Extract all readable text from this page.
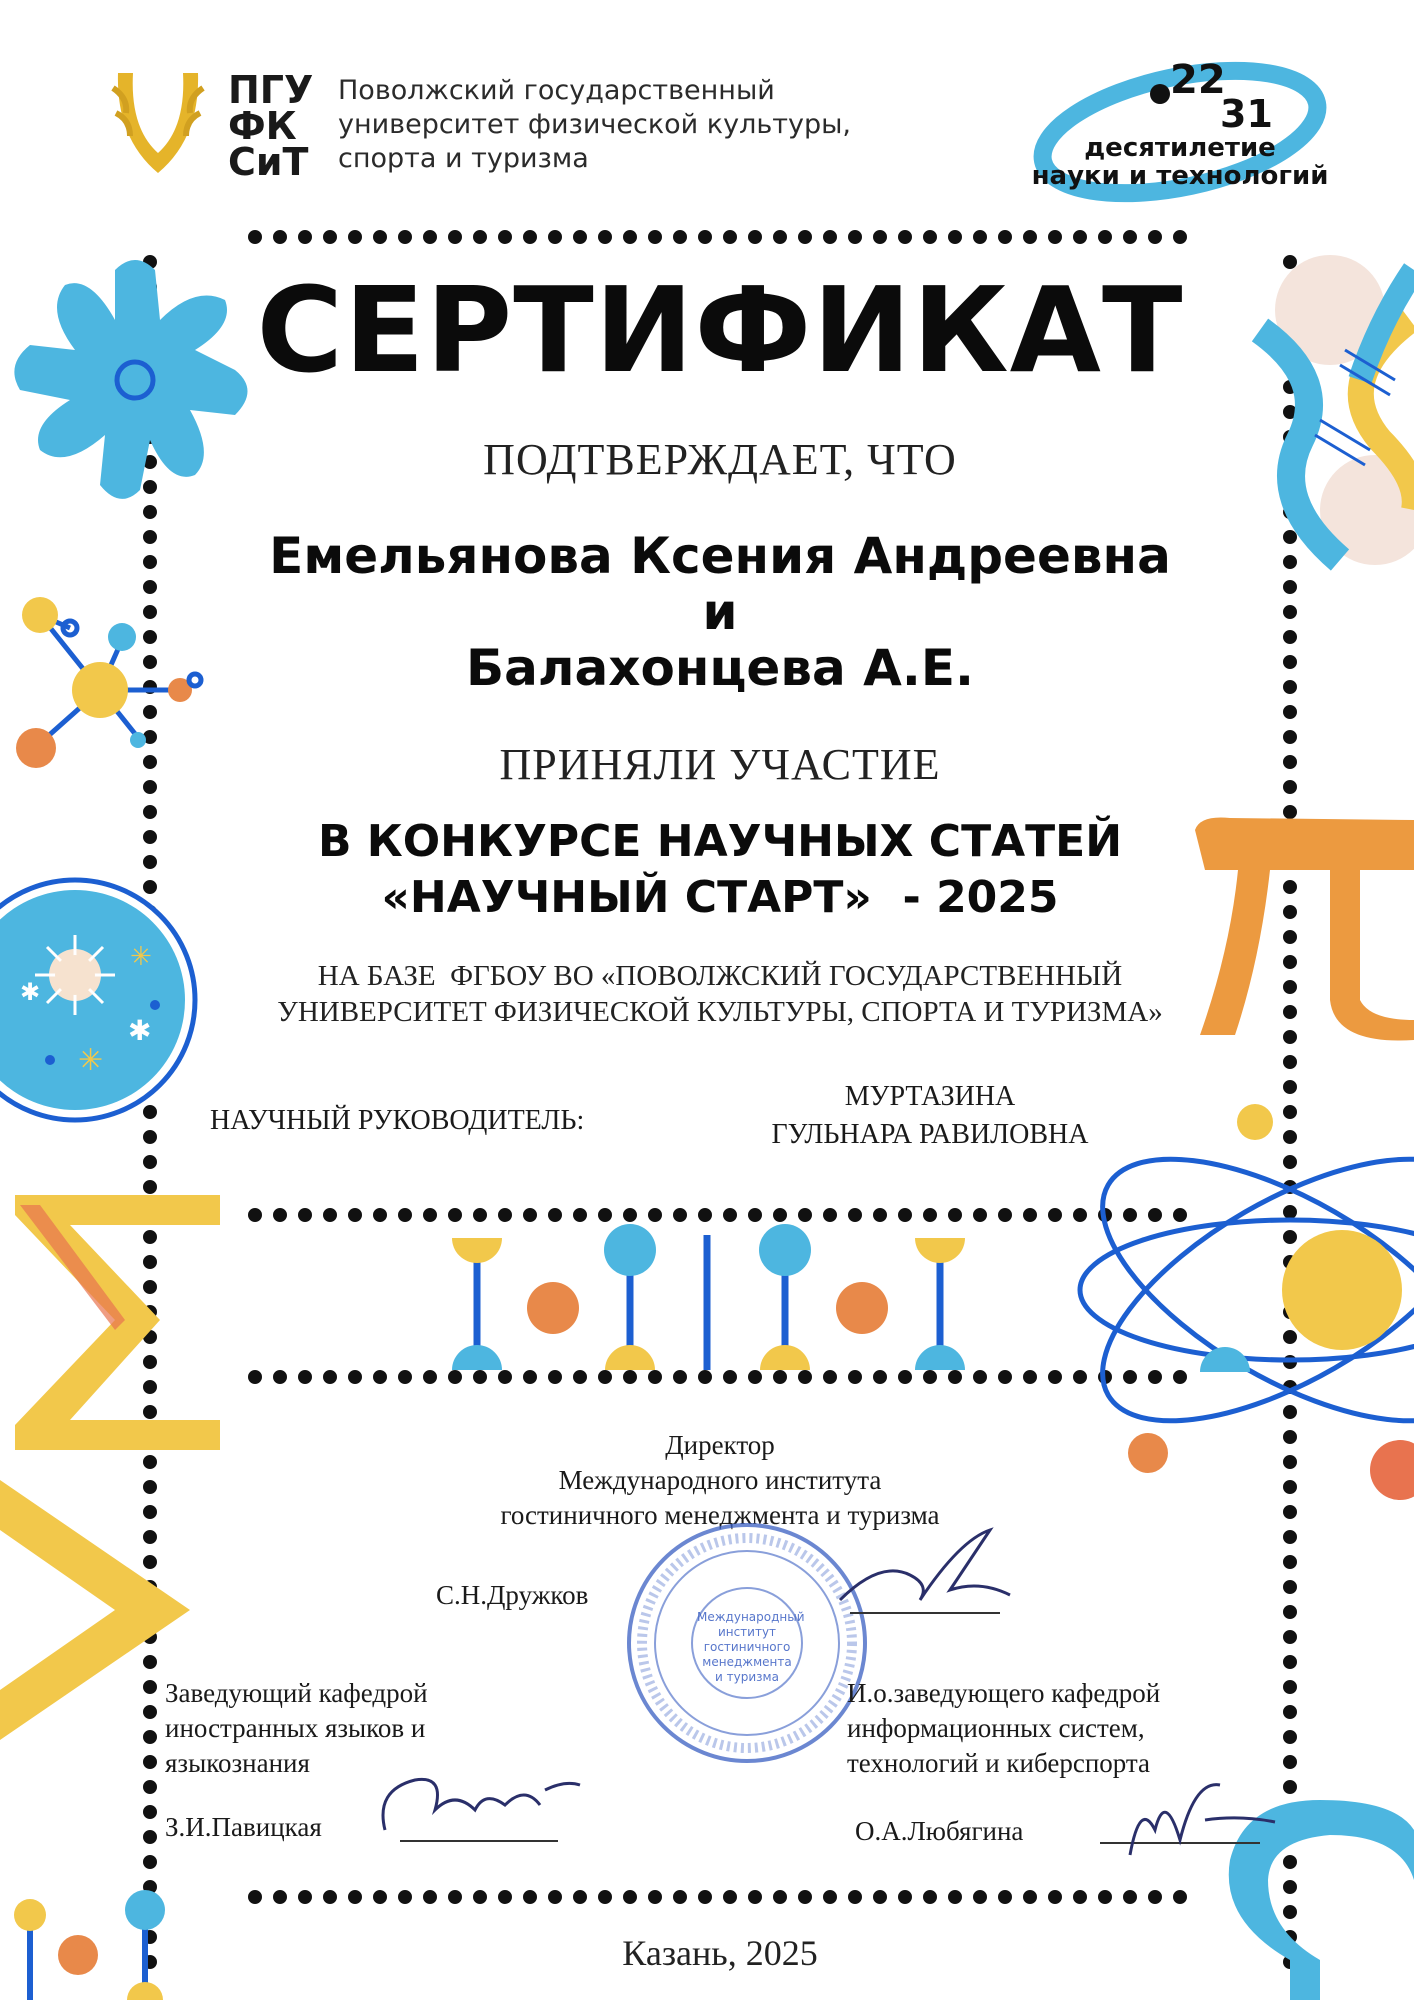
✱
✱
✳
✳
ПГУ
ФК
СиТ
Поволжский государственный
университет физической культуры,
спорта и туризма
22
31
десятилетие
науки и технологий
СЕРТИФИКАТ
ПОДТВЕРЖДАЕТ, ЧТО
Емельянова Ксения Андреевна
и
Балахонцева А.Е.
ПРИНЯЛИ УЧАСТИЕ
В КОНКУРСЕ НАУЧНЫХ СТАТЕЙ
«НАУЧНЫЙ СТАРТ»  - 2025
НА БАЗЕ  ФГБОУ ВО «ПОВОЛЖСКИЙ ГОСУДАРСТВЕННЫЙ
УНИВЕРСИТЕТ ФИЗИЧЕСКОЙ КУЛЬТУРЫ, СПОРТА И ТУРИЗМА»
НАУЧНЫЙ РУКОВОДИТЕЛЬ:
МУРТАЗИНА
ГУЛЬНАРА РАВИЛОВНА
Директор
Международного института
гостиничного менеджмента и туризма
Международный институт гостиничного менеджмента и туризма
С.Н.Дружков
Заведующий кафедрой
иностранных языков и
языкознания
З.И.Павицкая
И.о.заведующего кафедрой
информационных систем,
технологий и киберспорта
О.А.Любягина
Казань, 2025
